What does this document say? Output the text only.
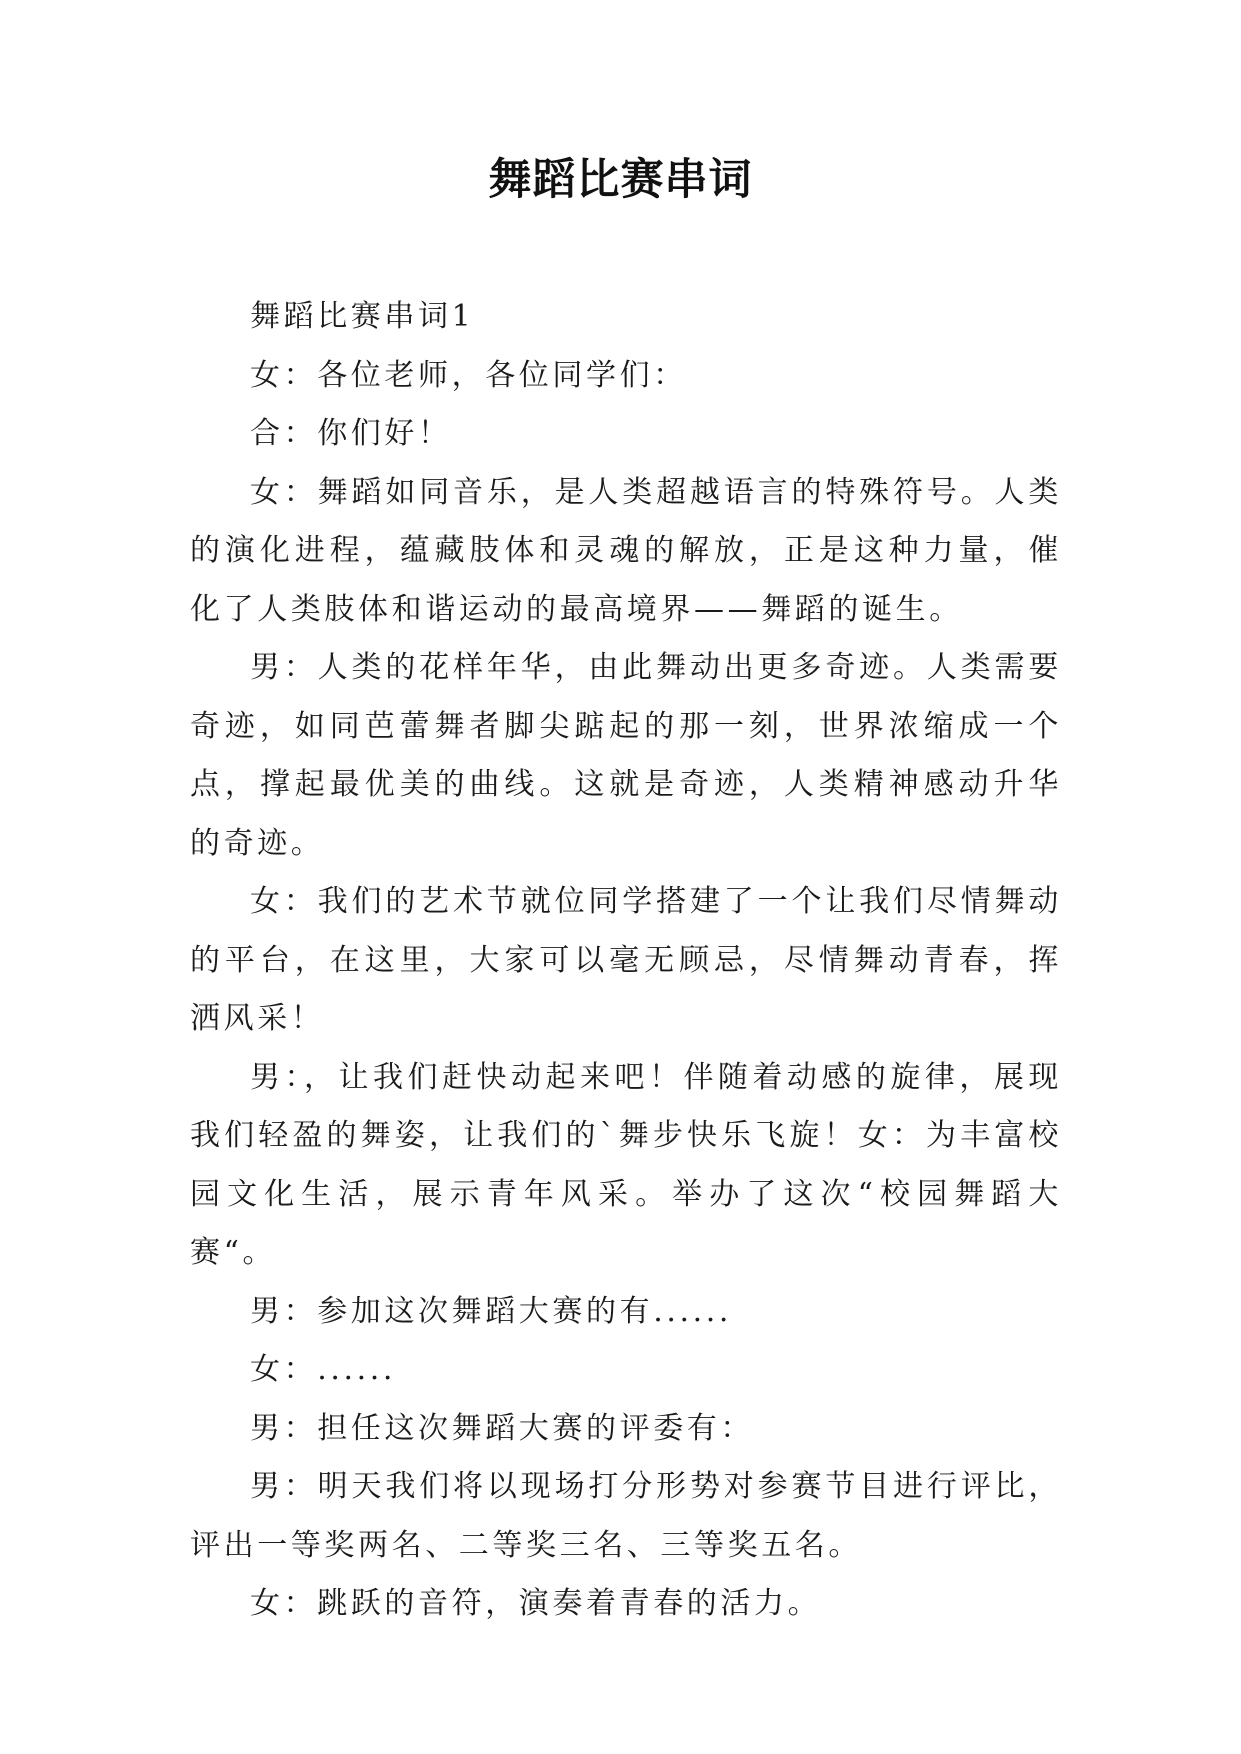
舞蹈比赛串词

舞蹈比赛串词1

女：各位老师，各位同学们：

合：你们好！

女：舞蹈如同音乐，是人类超越语言的特殊符号。人类的演化进程，蕴藏肢体和灵魂的解放，正是这种力量，催化了人类肢体和谐运动的最高境界——舞蹈的诞生。

男：人类的花样年华，由此舞动出更多奇迹。人类需要奇迹，如同芭蕾舞者脚尖踮起的那一刻，世界浓缩成一个点，撑起最优美的曲线。这就是奇迹，人类精神感动升华的奇迹。

女：我们的艺术节就位同学搭建了一个让我们尽情舞动的平台，在这里，大家可以毫无顾忌，尽情舞动青春，挥洒风采！

男：，让我们赶快动起来吧！伴随着动感的旋律，展现我们轻盈的舞姿，让我们的`舞步快乐飞旋！女：为丰富校园文化生活，展示青年风采。举办了这次“校园舞蹈大赛“。

男：参加这次舞蹈大赛的有......

女：......

男：担任这次舞蹈大赛的评委有：

男：明天我们将以现场打分形势对参赛节目进行评比，评出一等奖两名、二等奖三名、三等奖五名。

女：跳跃的音符，演奏着青春的活力。
